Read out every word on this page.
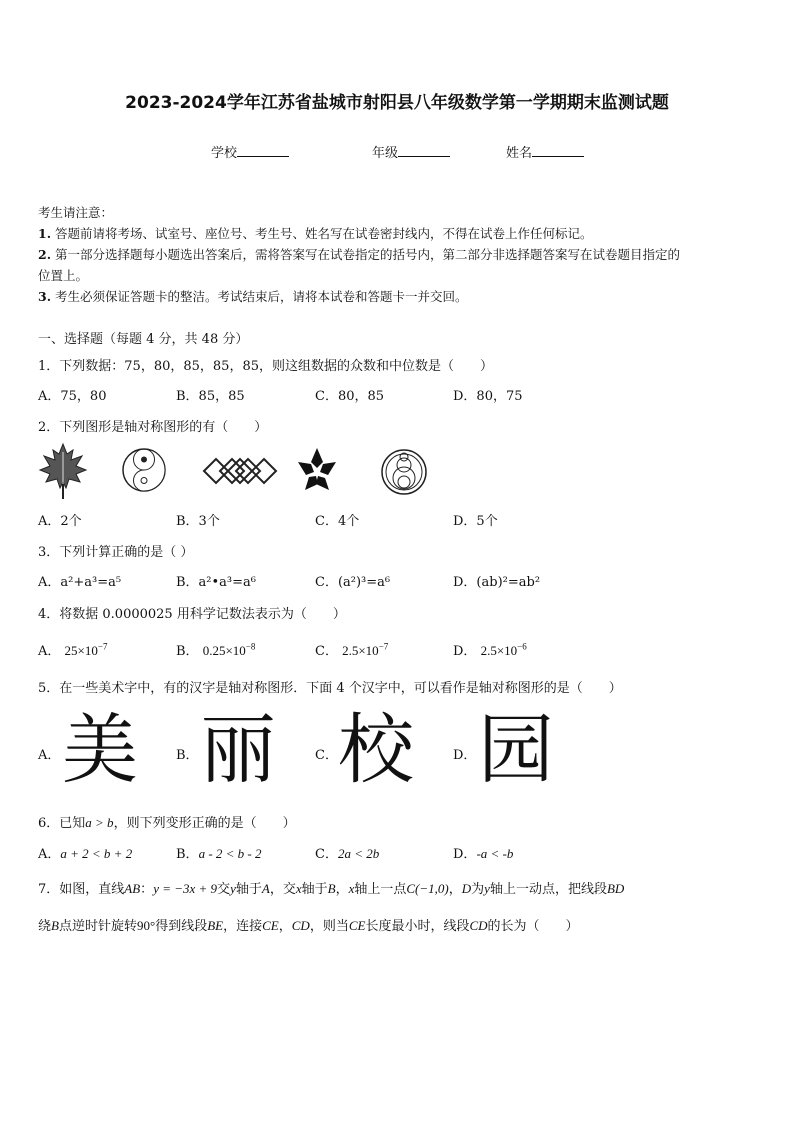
2023-2024学年江苏省盐城市射阳县八年级数学第一学期期末监测试题
学校	年级	姓名
考生请注意：
1. 答题前请将考场、试室号、座位号、考生号、姓名写在试卷密封线内，不得在试卷上作任何标记。
2. 第一部分选择题每小题选出答案后，需将答案写在试卷指定的括号内，第二部分非选择题答案写在试卷题目指定的
位置上。
3. 考生必须保证答题卡的整洁。考试结束后，请将本试卷和答题卡一并交回。
一、选择题（每题 4 分，共 48 分）
1．下列数据：75，80，85，85，85，则这组数据的众数和中位数是（　　）
A．75，80	B．85，85	C．80，85	D．80，75
2．下列图形是轴对称图形的有（　　）
A．2个	B．3个	C．4个	D．5个
3．下列计算正确的是（ ）
A．a²+a³=a⁵	B．a²•a³=a⁶	C．(a²)³=a⁶	D．(ab)²=ab²
4．将数据 0.0000025 用科学记数法表示为（　　）
A． $25\times 10^{-7}$	B． $0.25\times 10^{-8}$	C． $2.5\times 10^{-7}$	D． $2.5\times 10^{-6}$
5．在一些美术字中，有的汉字是轴对称图形．下面 4 个汉字中，可以看作是轴对称图形的是（　　）
A． 美	B． 丽	C． 校	D． 园
6．已知a > b，则下列变形正确的是（　　）
A．a + 2 < b + 2	B．a - 2 < b - 2	C．2a < 2b	D．-a < -b
7．如图，直线AB：y = −3x + 9交y轴于A，交x轴于B，x轴上一点C(−1,0)，D为y轴上一动点，把线段BD
绕B点逆时针旋转90°得到线段BE，连接CE，CD，则当CE长度最小时，线段CD的长为（　　）
